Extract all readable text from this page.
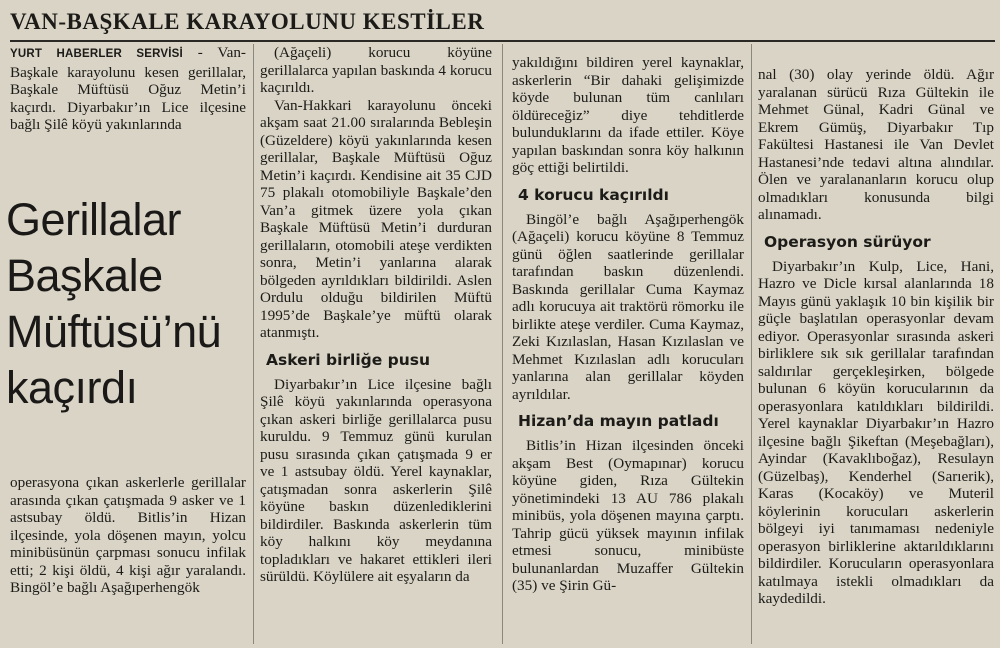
VAN-BAŞKALE KARAYOLUNU KESTİLER

YURT HABERLER SERVİSİ - Van-Başkale karayolunu kesen gerillalar, Başkale Müftüsü Oğuz Metin’i kaçırdı. Diyarbakır’ın Lice ilçesine bağlı Şilê köyü yakınlarında

Gerillalar
Başkale
Müftüsü’nü
kaçırdı

operasyona çıkan askerlerle gerillalar arasında çıkan çatışmada 9 asker ve 1 astsubay öldü. Bitlis’in Hizan ilçesinde, yola döşenen mayın, yolcu minibüsünün çarpması sonucu infilak etti; 2 kişi öldü, 4 kişi ağır yaralandı. Bingöl’e bağlı Aşağıperhengök

(Ağaçeli) korucu köyüne gerillalarca yapılan baskında 4 korucu kaçırıldı.

Van-Hakkari karayolunu önceki akşam saat 21.00 sıralarında Bebleşin (Güzeldere) köyü yakınlarında kesen gerillalar, Başkale Müftüsü Oğuz Metin’i kaçırdı. Kendisine ait 35 CJD 75 plakalı otomobiliyle Başkale’den Van’a gitmek üzere yola çıkan Başkale Müftüsü Metin’i durduran gerillaların, otomobili ateşe verdikten sonra, Metin’i yanlarına alarak bölgeden ayrıldıkları bildirildi. Aslen Ordulu olduğu bildirilen Müftü 1995’de Başkale’ye müftü olarak atanmıştı.

Askeri birliğe pusu

Diyarbakır’ın Lice ilçesine bağlı Şilê köyü yakınlarında operasyona çıkan askeri birliğe gerillalarca pusu kuruldu. 9 Temmuz günü kurulan pusu sırasında çıkan çatışmada 9 er ve 1 astsubay öldü. Yerel kaynaklar, çatışmadan sonra askerlerin Şilê köyüne baskın düzenlediklerini bildirdiler. Baskında askerlerin tüm köy halkını köy meydanına topladıkları ve hakaret ettikleri ileri sürüldü. Köylülere ait eşyaların da

yakıldığını bildiren yerel kaynaklar, askerlerin “Bir dahaki gelişimizde köyde bulunan tüm canlıları öldüreceğiz” diye tehditlerde bulunduklarını da ifade ettiler. Köye yapılan baskından sonra köy halkının göç ettiği belirtildi.

4 korucu kaçırıldı

Bingöl’e bağlı Aşağıperhengök (Ağaçeli) korucu köyüne 8 Temmuz günü öğlen saatlerinde gerillalar tarafından baskın düzenlendi. Baskında gerillalar Cuma Kaymaz adlı korucuya ait traktörü römorku ile birlikte ateşe verdiler. Cuma Kaymaz, Zeki Kızılaslan, Hasan Kızılaslan ve Mehmet Kızılaslan adlı korucuları yanlarına alan gerillalar köyden ayrıldılar.

Hizan’da mayın patladı

Bitlis’in Hizan ilçesinden önceki akşam Best (Oymapınar) korucu köyüne giden, Rıza Gültekin yönetimindeki 13 AU 786 plakalı minibüs, yola döşenen mayına çarptı. Tahrip gücü yüksek mayının infilak etmesi sonucu, minibüste bulunanlardan Muzaffer Gültekin (35) ve Şirin Gü-

nal (30) olay yerinde öldü. Ağır yaralanan sürücü Rıza Gültekin ile Mehmet Günal, Kadri Günal ve Ekrem Gümüş, Diyarbakır Tıp Fakültesi Hastanesi ile Van Devlet Hastanesi’nde tedavi altına alındılar. Ölen ve yaralananların korucu olup olmadıkları konusunda bilgi alınamadı.

Operasyon sürüyor

Diyarbakır’ın Kulp, Lice, Hani, Hazro ve Dicle kırsal alanlarında 18 Mayıs günü yaklaşık 10 bin kişilik bir güçle başlatılan operasyonlar devam ediyor. Operasyonlar sırasında askeri birliklere sık sık gerillalar tarafından saldırılar gerçekleşirken, bölgede bulunan 6 köyün korucularının da operasyonlara katıldıkları bildirildi. Yerel kaynaklar Diyarbakır’ın Hazro ilçesine bağlı Şikeftan (Meşebağları), Ayindar (Kavaklıboğaz), Resulayn (Güzelbaş), Kenderhel (Sarıerik), Karas (Kocaköy) ve Muteril köylerinin korucuları askerlerin bölgeyi iyi tanımaması nedeniyle operasyon birliklerine aktarıldıklarını bildirdiler. Korucuların operasyonlara katılmaya istekli olmadıkları da kaydedildi.
